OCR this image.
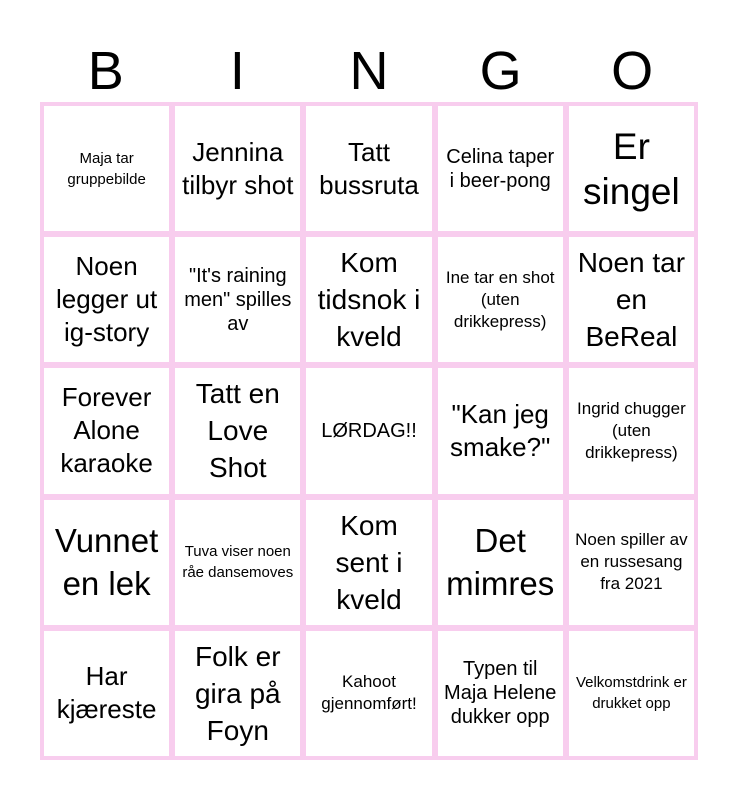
B	I	N	G	O
Maja tar gruppebilde
Jennina tilbyr shot
Tatt bussruta
Celina taper i beer-pong
Er singel
Noen legger ut ig-story
"It's raining men" spilles av
Kom tidsnok i kveld
Ine tar en shot (uten drikkepress)
Noen tar en BeReal
Forever Alone karaoke
Tatt en Love Shot
LØRDAG!!
"Kan jeg smake?"
Ingrid chugger (uten drikkepress)
Vunnet en lek
Tuva viser noen råe dansemoves
Kom sent i kveld
Det mimres
Noen spiller av en russesang fra 2021
Har kjæreste
Folk er gira på Foyn
Kahoot gjennomført!
Typen til Maja Helene dukker opp
Velkomstdrink er drukket opp
